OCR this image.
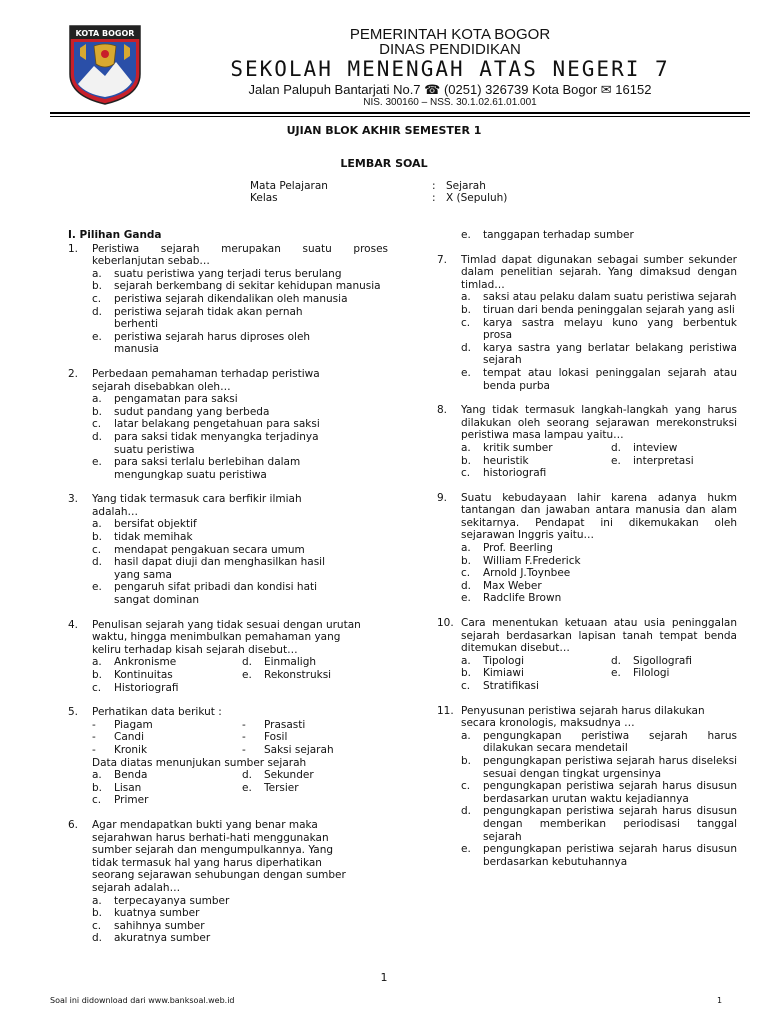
KOTA BOGOR	PEMERINTAH KOTA BOGOR
DINAS PENDIDIKAN
SEKOLAH MENENGAH ATAS NEGERI 7
Jalan Palupuh Bantarjati No.7 ☎ (0251) 326739 Kota Bogor ✉ 16152
NIS. 300160 – NSS. 30.1.02.61.01.001
UJIAN BLOK AKHIR SEMESTER 1
LEMBAR SOAL
Mata Pelajaran	: Sejarah
Kelas	: X (Sepuluh)
I. Pilihan Ganda
1.	Peristiwa sejarah merupakan suatu proses keberlanjutan sebab…
a.	suatu peristiwa yang terjadi terus berulang
b.	sejarah berkembang di sekitar kehidupan manusia
c.	peristiwa sejarah dikendalikan oleh manusia
d.	peristiwa sejarah tidak akan pernah berhenti
e.	peristiwa sejarah harus diproses oleh manusia
2.	Perbedaan pemahaman terhadap peristiwa sejarah disebabkan oleh…
a.	pengamatan para saksi
b.	sudut pandang yang berbeda
c.	latar belakang pengetahuan para saksi
d.	para saksi tidak menyangka terjadinya suatu peristiwa
e.	para saksi terlalu berlebihan dalam mengungkap suatu peristiwa
3.	Yang tidak termasuk cara berfikir ilmiah adalah…
a.	bersifat objektif
b.	tidak memihak
c.	mendapat pengakuan secara umum
d.	hasil dapat diuji dan menghasilkan hasil yang sama
e.	pengaruh sifat pribadi dan kondisi hati sangat dominan
4.	Penulisan sejarah yang tidak sesuai dengan urutan waktu, hingga menimbulkan pemahaman yang keliru terhadap kisah sejarah disebut…
a.	Ankronisme	d.	Einmaligh
b.	Kontinuitas	e.	Rekonstruksi
c.	Historiografi
5.	Perhatikan data berikut :
-	Piagam	-	Prasasti
-	Candi	-	Fosil
-	Kronik	-	Saksi sejarah
Data diatas menunjukan sumber sejarah
a.	Benda	d.	Sekunder
b.	Lisan	e.	Tersier
c.	Primer
6.	Agar mendapatkan bukti yang benar maka sejarahwan harus berhati-hati menggunakan sumber sejarah dan mengumpulkannya. Yang tidak termasuk hal yang harus diperhatikan seorang sejarawan sehubungan dengan sumber sejarah adalah…
a.	terpecayanya sumber
b.	kuatnya sumber
c.	sahihnya sumber
d.	akuratnya sumber
e.	tanggapan terhadap sumber
7.	Timlad dapat digunakan sebagai sumber sekunder dalam penelitian sejarah. Yang dimaksud dengan timlad…
a.	saksi atau pelaku dalam suatu peristiwa sejarah
b.	tiruan dari benda peninggalan sejarah yang asli
c.	karya sastra melayu kuno yang berbentuk prosa
d.	karya sastra yang berlatar belakang peristiwa sejarah
e.	tempat atau lokasi peninggalan sejarah atau benda purba
8.	Yang tidak termasuk langkah-langkah yang harus dilakukan oleh seorang sejarawan merekonstruksi peristiwa masa lampau yaitu…
a.	kritik sumber	d.	inteview
b.	heuristik	e.	interpretasi
c.	historiografi
9.	Suatu kebudayaan lahir karena adanya hukm tantangan dan jawaban antara manusia dan alam sekitarnya. Pendapat ini dikemukakan oleh sejarawan Inggris yaitu…
a.	Prof. Beerling
b.	William F.Frederick
c.	Arnold J.Toynbee
d.	Max Weber
e.	Radclife Brown
10. Cara menentukan ketuaan atau usia peninggalan sejarah berdasarkan lapisan tanah tempat benda ditemukan disebut…
a.	Tipologi	d.	Sigollografi
b.	Kimiawi	e.	Filologi
c.	Stratifikasi
11. Penyusunan peristiwa sejarah harus dilakukan secara kronologis, maksudnya …
a.	pengungkapan peristiwa sejarah harus dilakukan secara mendetail
b.	pengungkapan peristiwa sejarah harus diseleksi sesuai dengan tingkat urgensinya
c.	pengungkapan peristiwa sejarah harus disusun berdasarkan urutan waktu kejadiannya
d.	pengungkapan peristiwa sejarah harus disusun dengan memberikan periodisasi tanggal sejarah
e.	pengungkapan peristiwa sejarah harus disusun berdasarkan kebutuhannya
1
Soal ini didownload dari www.banksoal.web.id	1
